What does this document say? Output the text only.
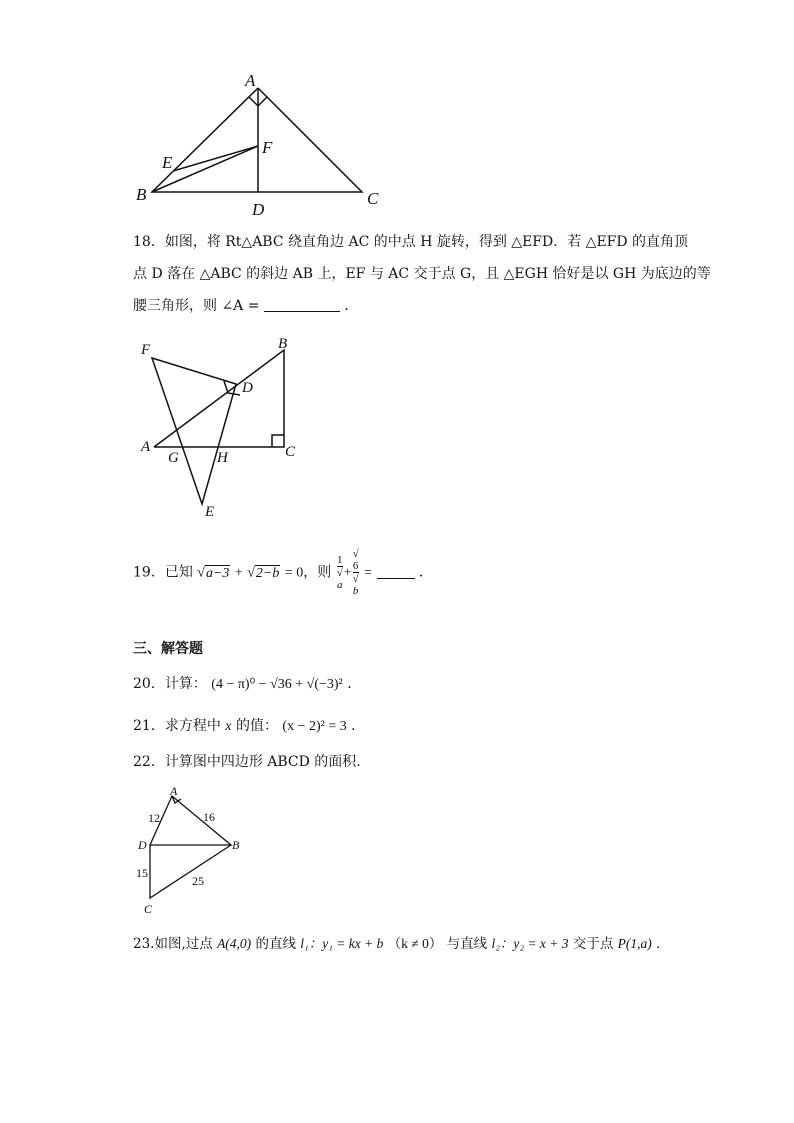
A
B	C
D
E
F
18．如图，将 Rt△ABC 绕直角边 AC 的中点 H 旋转，得到 △EFD．若 △EFD 的直角顶
点 D 落在 △ABC 的斜边 AB 上，EF 与 AC 交于点 G，且 △EGH 恰好是以 GH 为底边的等
腰三角形，则 ∠A =	．
F	B
D
A	C
G	H
E
19．已知 √a−3 + √2−b = 0，则 1
√
a + √
6
√
b =	．
三、解答题
20．计算： (4 − π)⁰ − √36 + √(−3)² ．
21．求方程中 x 的值： (x − 2)² = 3 ．
22．计算图中四边形 ABCD 的面积.
A
D	B
C
12	16
15
25
23.如图,过点 A(4,0) 的直线 l₁：y₁ = kx + b （k ≠ 0） 与直线 l₂：y₂ = x + 3 交于点 P(1,a) ．
